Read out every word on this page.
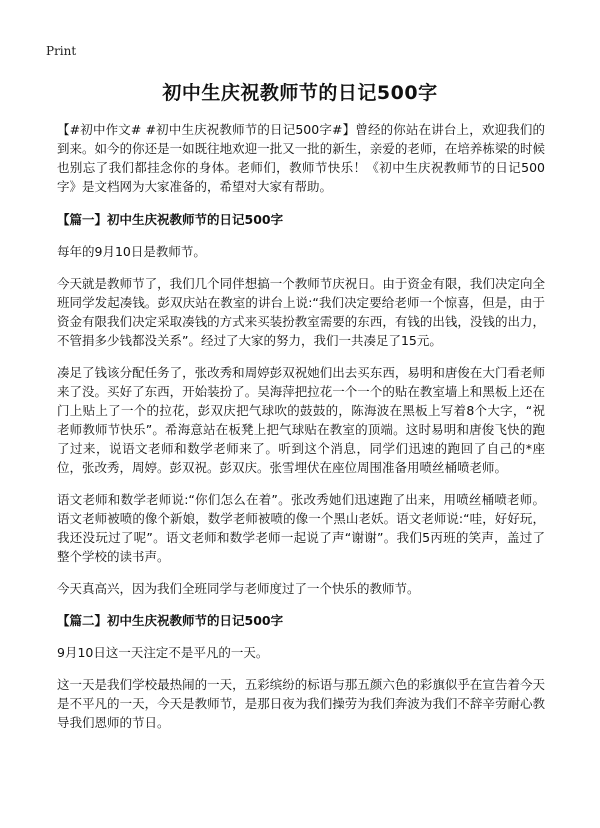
Print
初中生庆祝教师节的日记500字

【#初中作文# #初中生庆祝教师节的日记500字#】曾经的你站在讲台上，欢迎我们的到来。如今的你还是一如既往地欢迎一批又一批的新生，亲爱的老师，在培养栋梁的时候也别忘了我们都挂念你的身体。老师们，教师节快乐！《初中生庆祝教师节的日记500字》是文档网为大家准备的，希望对大家有帮助。

【篇一】初中生庆祝教师节的日记500字

每年的9月10日是教师节。

今天就是教师节了，我们几个同伴想搞一个教师节庆祝日。由于资金有限，我们决定向全班同学发起凑钱。彭双庆站在教室的讲台上说:“我们决定要给老师一个惊喜，但是，由于资金有限我们决定采取凑钱的方式来买装扮教室需要的东西，有钱的出钱，没钱的出力，不管捐多少钱都没关系”。经过了大家的努力，我们一共凑足了15元。

凑足了钱该分配任务了，张改秀和周婷彭双祝她们出去买东西，易明和唐俊在大门看老师来了没。买好了东西，开始装扮了。吴海萍把拉花一个一个的贴在教室墙上和黑板上还在门上贴上了一个的拉花，彭双庆把气球吹的鼓鼓的，陈海波在黑板上写着8个大字，“祝老师教师节快乐”。希海意站在板凳上把气球贴在教室的顶端。这时易明和唐俊飞快的跑了过来，说语文老师和数学老师来了。听到这个消息，同学们迅速的跑回了自己的*座位，张改秀，周婷。彭双祝。彭双庆。张雪埋伏在座位周围准备用喷丝桶喷老师。

语文老师和数学老师说:“你们怎么在着”。张改秀她们迅速跑了出来，用喷丝桶喷老师。语文老师被喷的像个新娘，数学老师被喷的像一个黑山老妖。语文老师说:“哇，好好玩，我还没玩过了呢”。语文老师和数学老师一起说了声“谢谢”。我们5丙班的笑声，盖过了整个学校的读书声。

今天真高兴，因为我们全班同学与老师度过了一个快乐的教师节。

【篇二】初中生庆祝教师节的日记500字

9月10日这一天注定不是平凡的一天。

这一天是我们学校最热闹的一天，五彩缤纷的标语与那五颜六色的彩旗似乎在宣告着今天是不平凡的一天，今天是教师节，是那日夜为我们操劳为我们奔波为我们不辞辛劳耐心教导我们恩师的节日。
